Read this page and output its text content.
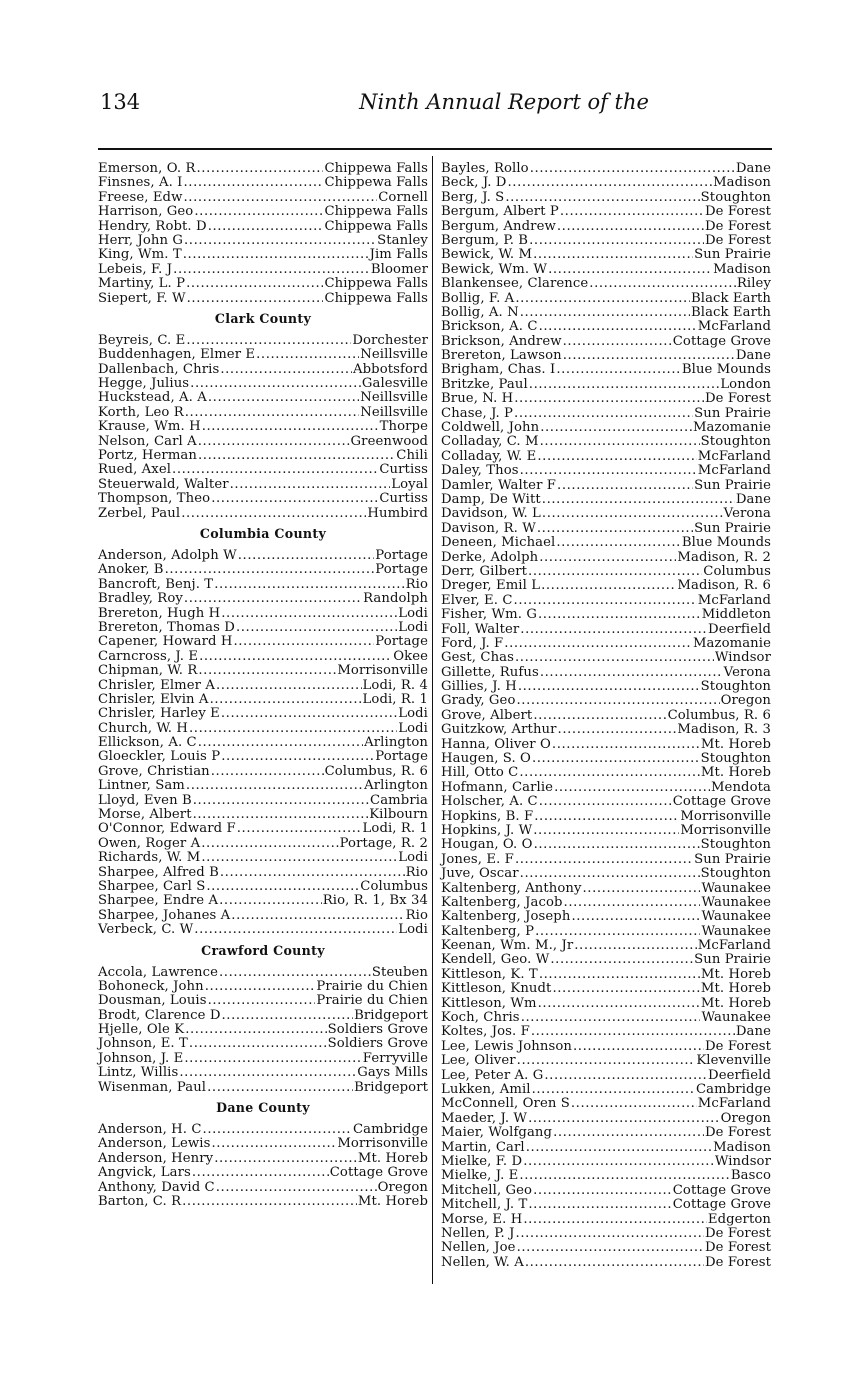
134	Ninth Annual Report of the
Emerson, O. R .....	Chippewa Falls
Finsnes, A. I .....	Chippewa Falls
Freese, Edw .....	Cornell
Harrison, Geo .....	Chippewa Falls
Hendry, Robt. D .....	Chippewa Falls
Herr, John G .....	Stanley
King, Wm. T .....	Jim Falls
Lebeis, F. J .....	Bloomer
Martiny, L. P .....	Chippewa Falls
Siepert, F. W .....	Chippewa Falls
Clark County
Beyreis, C. E .....	Dorchester
Buddenhagen, Elmer E .....	Neillsville
Dallenbach, Chris .....	Abbotsford
Hegge, Julius .....	Galesville
Huckstead, A. A .....	Neillsville
Korth, Leo R .....	Neillsville
Krause, Wm. H .....	Thorpe
Nelson, Carl A .....	Greenwood
Portz, Herman .....	Chili
Rued, Axel .....	Curtiss
Steuerwald, Walter .....	Loyal
Thompson, Theo .....	Curtiss
Zerbel, Paul .....	Humbird
Columbia County
Anderson, Adolph W .....	Portage
Anoker, B .....	Portage
Bancroft, Benj. T .....	Rio
Bradley, Roy .....	Randolph
Brereton, Hugh H .....	Lodi
Brereton, Thomas D .....	Lodi
Capener, Howard H .....	Portage
Carncross, J. E .....	Okee
Chipman, W. R .....	Morrisonville
Chrisler, Elmer A .....	Lodi, R. 4
Chrisler, Elvin A .....	Lodi, R. 1
Chrisler, Harley E .....	Lodi
Church, W. H .....	Lodi
Ellickson, A. C .....	Arlington
Gloeckler, Louis P .....	Portage
Grove, Christian .....	Columbus, R. 6
Lintner, Sam .....	Arlington
Lloyd, Even B .....	Cambria
Morse, Albert .....	Kilbourn
O'Connor, Edward F .....	Lodi, R. 1
Owen, Roger A .....	Portage, R. 2
Richards, W. M .....	Lodi
Sharpee, Alfred B .....	Rio
Sharpee, Carl S .....	Columbus
Sharpee, Endre A .....	Rio, R. 1, Bx 34
Sharpee, Johanes A .....	Rio
Verbeck, C. W .....	Lodi
Crawford County
Accola, Lawrence .....	Steuben
Bohoneck, John .....	Prairie du Chien
Dousman, Louis .....	Prairie du Chien
Brodt, Clarence D .....	Bridgeport
Hjelle, Ole K .....	Soldiers Grove
Johnson, E. T .....	Soldiers Grove
Johnson, J. E .....	Ferryville
Lintz, Willis .....	Gays Mills
Wisenman, Paul .....	Bridgeport
Dane County
Anderson, H. C .....	Cambridge
Anderson, Lewis .....	Morrisonville
Anderson, Henry .....	Mt. Horeb
Angvick, Lars .....	Cottage Grove
Anthony, David C .....	Oregon
Barton, C. R .....	Mt. Horeb
Bayles, Rollo .....	Dane
Beck, J. D .....	Madison
Berg, J. S .....	Stoughton
Bergum, Albert P .....	De Forest
Bergum, Andrew .....	De Forest
Bergum, P. B .....	De Forest
Bewick, W. M .....	Sun Prairie
Bewick, Wm. W .....	Madison
Blankensee, Clarence .....	Riley
Bollig, F. A .....	Black Earth
Bollig, A. N .....	Black Earth
Brickson, A. C .....	McFarland
Brickson, Andrew .....	Cottage Grove
Brereton, Lawson .....	Dane
Brigham, Chas. I .....	Blue Mounds
Britzke, Paul .....	London
Brue, N. H .....	De Forest
Chase, J. P .....	Sun Prairie
Coldwell, John .....	Mazomanie
Colladay, C. M .....	Stoughton
Colladay, W. E .....	McFarland
Daley, Thos .....	McFarland
Damler, Walter F .....	Sun Prairie
Damp, De Witt .....	Dane
Davidson, W. L .....	Verona
Davison, R. W .....	Sun Prairie
Deneen, Michael .....	Blue Mounds
Derke, Adolph .....	Madison, R. 2
Derr, Gilbert .....	Columbus
Dreger, Emil L .....	Madison, R. 6
Elver, E. C .....	McFarland
Fisher, Wm. G .....	Middleton
Foll, Walter .....	Deerfield
Ford, J. F .....	Mazomanie
Gest, Chas .....	Windsor
Gillette, Rufus .....	Verona
Gillies, J. H .....	Stoughton
Grady, Geo .....	Oregon
Grove, Albert .....	Columbus, R. 6
Guitzkow, Arthur .....	Madison, R. 3
Hanna, Oliver O .....	Mt. Horeb
Haugen, S. O .....	Stoughton
Hill, Otto C .....	Mt. Horeb
Hofmann, Carlie .....	Mendota
Holscher, A. C .....	Cottage Grove
Hopkins, B. F .....	Morrisonville
Hopkins, J. W .....	Morrisonville
Hougan, O. O .....	Stoughton
Jones, E. F .....	Sun Prairie
Juve, Oscar .....	Stoughton
Kaltenberg, Anthony .....	Waunakee
Kaltenberg, Jacob .....	Waunakee
Kaltenberg, Joseph .....	Waunakee
Kaltenberg, P .....	Waunakee
Keenan, Wm. M., Jr .....	McFarland
Kendell, Geo. W .....	Sun Prairie
Kittleson, K. T .....	Mt. Horeb
Kittleson, Knudt .....	Mt. Horeb
Kittleson, Wm .....	Mt. Horeb
Koch, Chris .....	Waunakee
Koltes, Jos. F .....	Dane
Lee, Lewis Johnson .....	De Forest
Lee, Oliver .....	Klevenville
Lee, Peter A. G .....	Deerfield
Lukken, Amil .....	Cambridge
McConnell, Oren S .....	McFarland
Maeder, J. W .....	Oregon
Maier, Wolfgang .....	De Forest
Martin, Carl .....	Madison
Mielke, F. D .....	Windsor
Mielke, J. E .....	Basco
Mitchell, Geo .....	Cottage Grove
Mitchell, J. T .....	Cottage Grove
Morse, E. H .....	Edgerton
Nellen, P. J .....	De Forest
Nellen, Joe .....	De Forest
Nellen, W. A .....	De Forest
